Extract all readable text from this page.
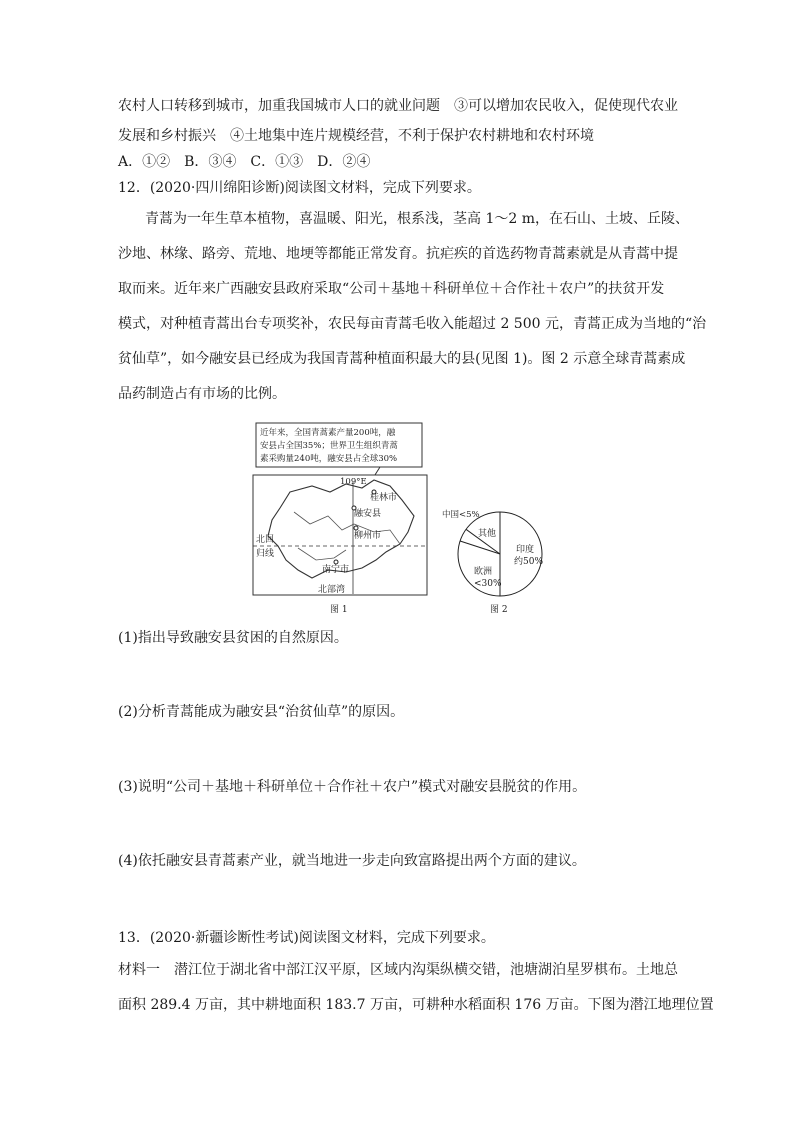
农村人口转移到城市，加重我国城市人口的就业问题　③可以增加农民收入，促使现代农业
发展和乡村振兴　④土地集中连片规模经营，不利于保护农村耕地和农村环境
A．①②　B．③④　C．①③　D．②④
12．(2020·四川绵阳诊断)阅读图文材料，完成下列要求。
青蒿为一年生草本植物，喜温暖、阳光，根系浅，茎高 1～2 m，在石山、土坡、丘陵、
沙地、林缘、路旁、荒地、地埂等都能正常发育。抗疟疾的首选药物青蒿素就是从青蒿中提
取而来。近年来广西融安县政府采取“公司＋基地＋科研单位＋合作社＋农户”的扶贫开发
模式，对种植青蒿出台专项奖补，农民每亩青蒿毛收入能超过 2 500 元，青蒿正成为当地的“治
贫仙草”，如今融安县已经成为我国青蒿种植面积最大的县(见图 1)。图 2 示意全球青蒿素成
品药制造占有市场的比例。
近年来，全国青蒿素产量200吨，融
安县占全国35%；世界卫生组织青蒿
素采购量240吨，融安县占全球30%
109°E
桂林市
融安县
柳州市
南宁市
北部湾
北回
归线
图 1
中国<5%
其他
印度
约50%
欧洲
<30%
图 2
(1)指出导致融安县贫困的自然原因。
(2)分析青蒿能成为融安县“治贫仙草”的原因。
(3)说明“公司＋基地＋科研单位＋合作社＋农户”模式对融安县脱贫的作用。
(4)依托融安县青蒿素产业，就当地进一步走向致富路提出两个方面的建议。
13．(2020·新疆诊断性考试)阅读图文材料，完成下列要求。
材料一　潜江位于湖北省中部江汉平原，区域内沟渠纵横交错，池塘湖泊星罗棋布。土地总
面积 289.4 万亩，其中耕地面积 183.7 万亩，可耕种水稻面积 176 万亩。下图为潜江地理位置
